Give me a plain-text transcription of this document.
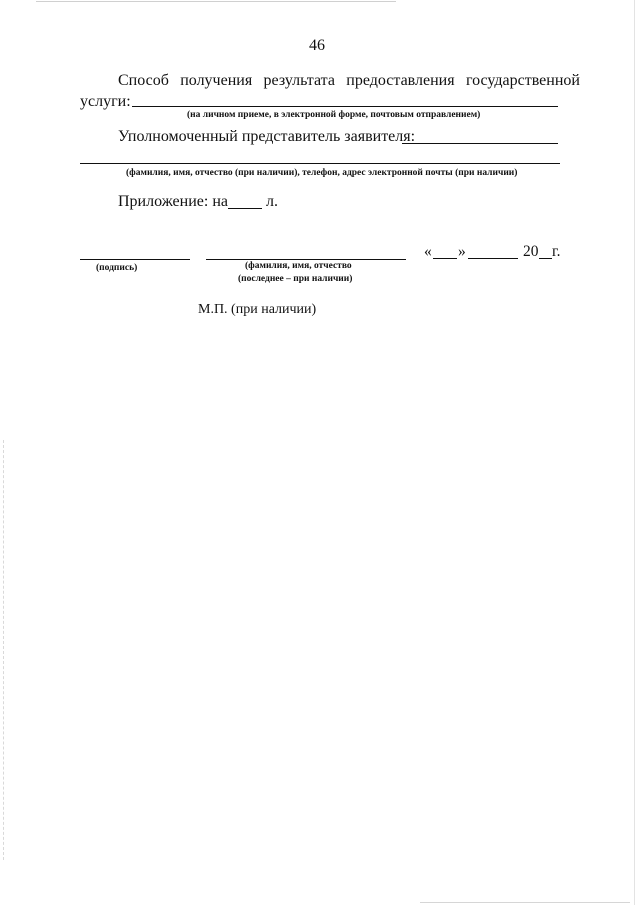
46
Способ получения результата предоставления государственной
услуги:
(на личном приеме, в электронной форме, почтовым отправлением)
Уполномоченный представитель заявителя:
(фамилия, имя, отчество (при наличии), телефон, адрес электронной почты (при наличии)
Приложение: на л.
« »	20 г.
(подпись)	(фамилия, имя, отчество
(последнее – при наличии)
М.П. (при наличии)
